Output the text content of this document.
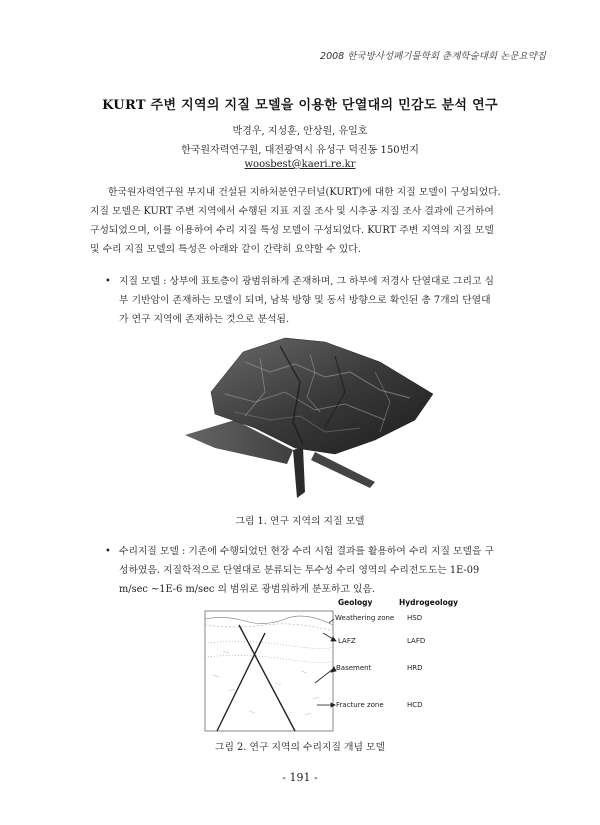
2008 한국방사성폐기물학회 춘계학술대회 논문요약집
KURT 주변 지역의 지질 모델을 이용한 단열대의 민감도 분석 연구
박경우, 지성훈, 안상원, 유일호
한국원자력연구원, 대전광역시 유성구 덕진동 150번지
woosbest@kaeri.re.kr
한국원자력연구원 부지내 건설된 지하처분연구터널(KURT)에 대한 지질 모델이 구성되었다.
지질 모델은 KURT 주변 지역에서 수행된 지표 지질 조사 및 시추공 지질 조사 결과에 근거하여
구성되었으며, 이를 이용하여 수리 지질 특성 모델이 구성되었다. KURT 주변 지역의 지질 모델
및 수리 지질 모델의 특성은 아래와 같이 간략히 요약할 수 있다.
• 지질 모델 : 상부에 표토층이 광범위하게 존재하며, 그 하부에 저경사 단열대로 그리고 심
부 기반암이 존재하는 모델이 되며, 남북 방향 및 동서 방향으로 확인된 총 7개의 단열대
가 연구 지역에 존재하는 것으로 분석됨.
그림 1. 연구 지역의 지질 모델
• 수리지질 모델 : 기존에 수행되었던 현장 수리 시험 결과를 활용하여 수리 지질 모델을 구
성하였음. 지질학적으로 단열대로 분류되는 투수성 수리 영역의 수리전도도는 1E-09
m/sec ~1E-6 m/sec 의 범위로 광범위하게 분포하고 있음.
Geology	Hydrogeology
Weathering zone HSD
LAFZ	LAFD
Basement	HRD
Fracture zone	HCD
그림 2. 연구 지역의 수리지질 개념 모델
- 191 -
